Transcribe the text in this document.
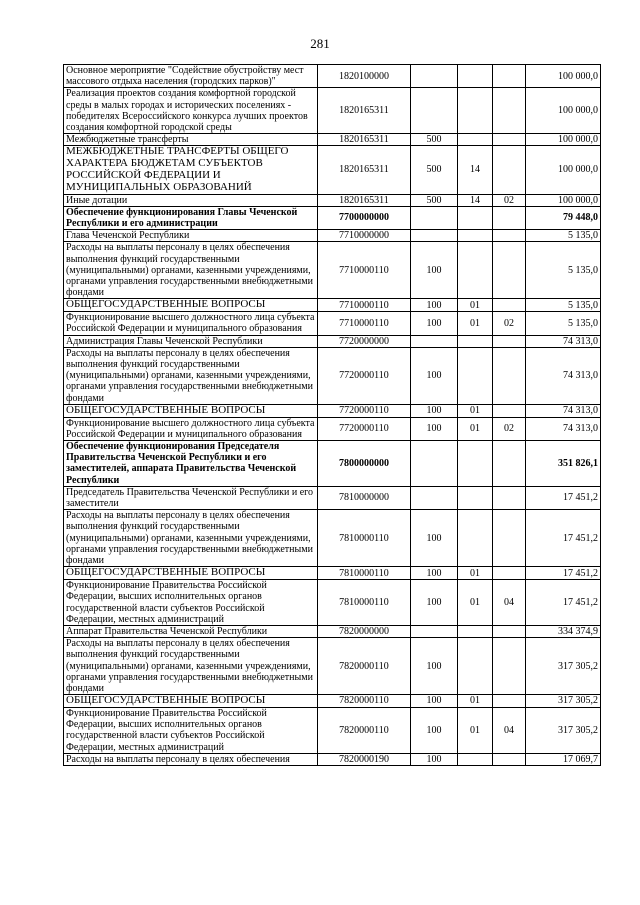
281
Основное мероприятие "Содействие обустройству мест массового отдыха населения (городских парков)"	1820100000				100 000,0
Реализация проектов создания комфортной городской среды в малых городах и исторических поселениях - победителях Всероссийского конкурса лучших проектов создания комфортной городской среды	1820165311				100 000,0
Межбюджетные трансферты	1820165311	500			100 000,0
МЕЖБЮДЖЕТНЫЕ ТРАНСФЕРТЫ ОБЩЕГО ХАРАКТЕРА БЮДЖЕТАМ СУБЪЕКТОВ РОССИЙСКОЙ ФЕДЕРАЦИИ И МУНИЦИПАЛЬНЫХ ОБРАЗОВАНИЙ	1820165311	500	14		100 000,0
Иные дотации	1820165311	500	14	02	100 000,0
Обеспечение функционирования Главы Чеченской Республики и его администрации	7700000000				79 448,0
Глава Чеченской Республики	7710000000				5 135,0
Расходы на выплаты персоналу в целях обеспечения выполнения функций государственными (муниципальными) органами, казенными учреждениями, органами управления государственными внебюджетными фондами	7710000110	100			5 135,0
ОБЩЕГОСУДАРСТВЕННЫЕ ВОПРОСЫ	7710000110	100	01		5 135,0
Функционирование высшего должностного лица субъекта Российской Федерации и муниципального образования	7710000110	100	01	02	5 135,0
Администрация Главы Чеченской Республики	7720000000				74 313,0
Расходы на выплаты персоналу в целях обеспечения выполнения функций государственными (муниципальными) органами, казенными учреждениями, органами управления государственными внебюджетными фондами	7720000110	100			74 313,0
ОБЩЕГОСУДАРСТВЕННЫЕ ВОПРОСЫ	7720000110	100	01		74 313,0
Функционирование высшего должностного лица субъекта Российской Федерации и муниципального образования	7720000110	100	01	02	74 313,0
Обеспечение функционирования Председателя Правительства Чеченской Республики и его заместителей, аппарата Правительства Чеченской Республики	7800000000				351 826,1
Председатель Правительства Чеченской Республики и его заместители	7810000000				17 451,2
Расходы на выплаты персоналу в целях обеспечения выполнения функций государственными (муниципальными) органами, казенными учреждениями, органами управления государственными внебюджетными фондами	7810000110	100			17 451,2
ОБЩЕГОСУДАРСТВЕННЫЕ ВОПРОСЫ	7810000110	100	01		17 451,2
Функционирование Правительства Российской Федерации, высших исполнительных органов государственной власти субъектов Российской Федерации, местных администраций	7810000110	100	01	04	17 451,2
Аппарат Правительства Чеченской Республики	7820000000				334 374,9
Расходы на выплаты персоналу в целях обеспечения выполнения функций государственными (муниципальными) органами, казенными учреждениями, органами управления государственными внебюджетными фондами	7820000110	100			317 305,2
ОБЩЕГОСУДАРСТВЕННЫЕ ВОПРОСЫ	7820000110	100	01		317 305,2
Функционирование Правительства Российской Федерации, высших исполнительных органов государственной власти субъектов Российской Федерации, местных администраций	7820000110	100	01	04	317 305,2
Расходы на выплаты персоналу в целях обеспечения	7820000190	100			17 069,7
